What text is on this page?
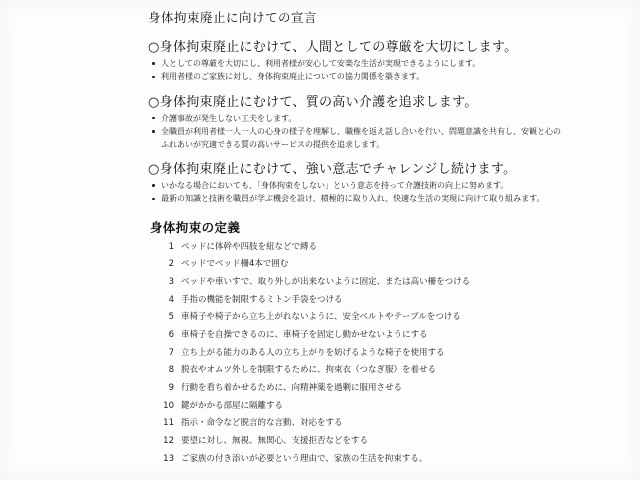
身体拘束廃止に向けての宣言
○身体拘束廃止にむけて、人間としての尊厳を大切にします。
人としての尊厳を大切にし、利用者様が安心して安楽な生活が実現できるようにします。
利用者様のご家族に対し、身体拘束廃止についての協力関係を築きます。
○身体拘束廃止にむけて、質の高い介護を追求します。
介護事故が発生しない工夫をします。
全職員が利用者様一人一人の心身の様子を理解し、職権を返え話し合いを行い、問題意識を共有し、安観と心のふれあいが究適できる質の高いサービスの提供を追求します。
○身体拘束廃止にむけて、強い意志でチャレンジし続けます。
いかなる場合においても、「身体拘束をしない」という意志を持って介護技術の向上に努めます。
最新の知識と技術を職員が学ぶ機会を設け、積極的に取り入れ、快適な生活の実現に向けて取り組みます。
身体拘束の定義
1 ベッドに体幹や四肢を紐などで縛る
2 ベッドでベッド柵4本で囲む
3 ベッドや車いすで、取り外しが出来ないように固定、または高い柵をつける
4 手指の機能を制限するミトン手袋をつける
5 車椅子や椅子から立ち上がれないように、安全ベルトやテーブルをつける
6 車椅子を自操できるのに、車椅子を固定し動かせないようにする
7 立ち上がる能力のある人の立ち上がりを妨げるような椅子を使用する
8 脱衣やオムツ外しを制限するために、拘束衣（つなぎ服）を着せる
9 行動を看ち着かせるために、向精神薬を過剰に服用させる
10 鍵がかかる部屋に隔離する
11 指示・命令など脱言的な言動、対応をする
12 要望に対し、無視、無関心、支援拒否などをする
13 ご家族の付き添いが必要という理由で、家族の生活を拘束する。
